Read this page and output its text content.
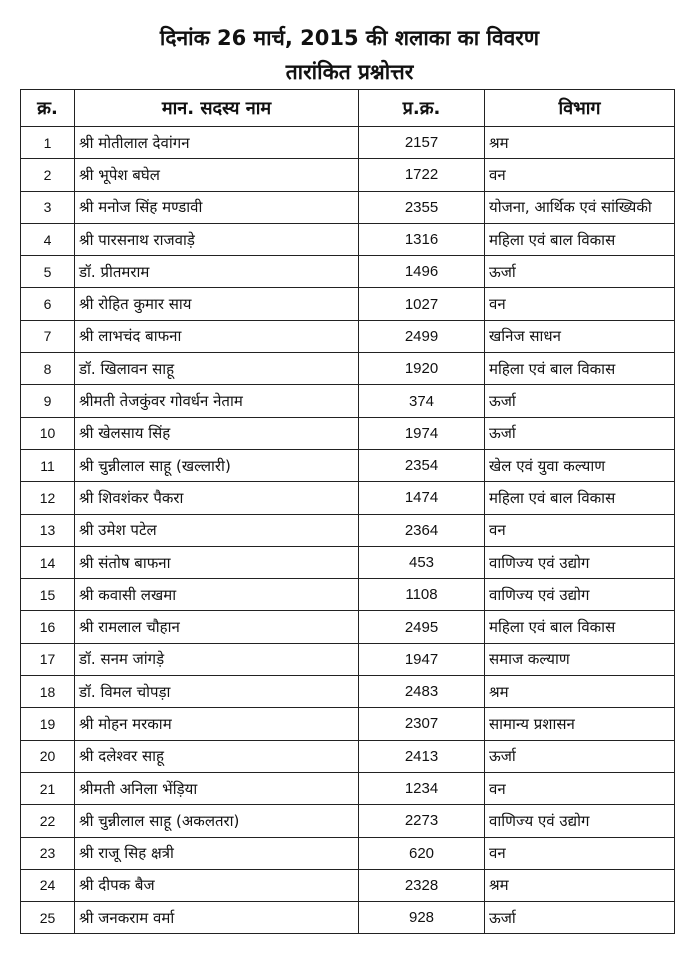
दिनांक 26 मार्च, 2015 की शलाका का विवरण
तारांकित प्रश्नोत्तर
क्र.	मान. सदस्य नाम	प्र.क्र.	विभाग
1	श्री मोतीलाल देवांगन	2157	श्रम
2	श्री भूपेश बघेल	1722	वन
3	श्री मनोज सिंह मण्डावी	2355	योजना, आर्थिक एवं सांख्यिकी
4	श्री पारसनाथ राजवाड़े	1316	महिला एवं बाल विकास
5	डॉ. प्रीतमराम	1496	ऊर्जा
6	श्री रोहित कुमार साय	1027	वन
7	श्री लाभचंद बाफना	2499	खनिज साधन
8	डॉ. खिलावन साहू	1920	महिला एवं बाल विकास
9	श्रीमती तेजकुंवर गोवर्धन नेताम	374	ऊर्जा
10	श्री खेलसाय सिंह	1974	ऊर्जा
11	श्री चुन्नीलाल साहू (खल्लारी)	2354	खेल एवं युवा कल्याण
12	श्री शिवशंकर पैकरा	1474	महिला एवं बाल विकास
13	श्री उमेश पटेल	2364	वन
14	श्री संतोष बाफना	453	वाणिज्य एवं उद्योग
15	श्री कवासी लखमा	1108	वाणिज्य एवं उद्योग
16	श्री रामलाल चौहान	2495	महिला एवं बाल विकास
17	डॉ. सनम जांगड़े	1947	समाज कल्याण
18	डॉ. विमल चोपड़ा	2483	श्रम
19	श्री मोहन मरकाम	2307	सामान्य प्रशासन
20	श्री दलेश्वर साहू	2413	ऊर्जा
21	श्रीमती अनिला भेंड़िया	1234	वन
22	श्री चुन्नीलाल साहू (अकलतरा)	2273	वाणिज्य एवं उद्योग
23	श्री राजू सिह क्षत्री	620	वन
24	श्री दीपक बैज	2328	श्रम
25	श्री जनकराम वर्मा	928	ऊर्जा
